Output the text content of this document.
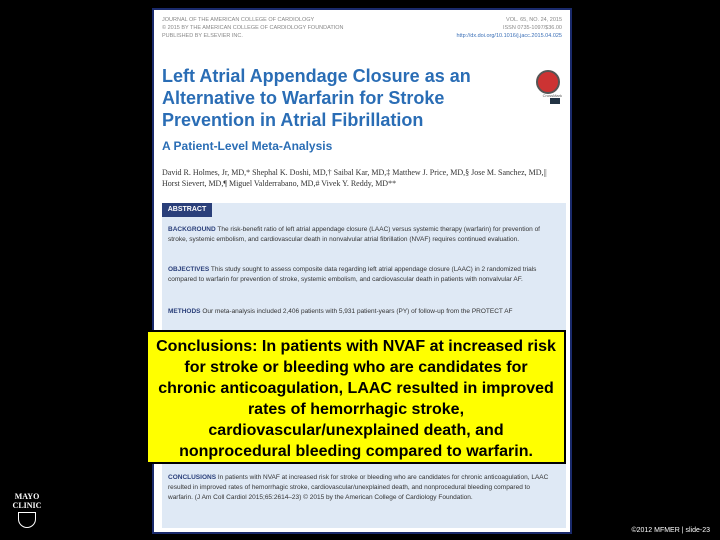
JOURNAL OF THE AMERICAN COLLEGE OF CARDIOLOGY
© 2015 BY THE AMERICAN COLLEGE OF CARDIOLOGY FOUNDATION
PUBLISHED BY ELSEVIER INC.
VOL. 65, NO. 24, 2015
ISSN 0735-1097/$36.00
http://dx.doi.org/10.1016/j.jacc.2015.04.025
Left Atrial Appendage Closure as an Alternative to Warfarin for Stroke Prevention in Atrial Fibrillation
CrossMark
A Patient-Level Meta-Analysis
David R. Holmes, Jr, MD,* Shephal K. Doshi, MD,† Saibal Kar, MD,‡ Matthew J. Price, MD,§ Jose M. Sanchez, MD,|| Horst Sievert, MD,¶ Miguel Valderrabano, MD,# Vivek Y. Reddy, MD**
ABSTRACT
BACKGROUND The risk-benefit ratio of left atrial appendage closure (LAAC) versus systemic therapy (warfarin) for prevention of stroke, systemic embolism, and cardiovascular death in nonvalvular atrial fibrillation (NVAF) requires continued evaluation.
OBJECTIVES This study sought to assess composite data regarding left atrial appendage closure (LAAC) in 2 randomized trials compared to warfarin for prevention of stroke, systemic embolism, and cardiovascular death in patients with nonvalvular AF.
METHODS Our meta-analysis included 2,406 patients with 5,931 patient-years (PY) of follow-up from the PROTECT AF
CONCLUSIONS In patients with NVAF at increased risk for stroke or bleeding who are candidates for chronic anticoagulation, LAAC resulted in improved rates of hemorrhagic stroke, cardiovascular/unexplained death, and nonprocedural bleeding compared to warfarin. (J Am Coll Cardiol 2015;65:2614–23) © 2015 by the American College of Cardiology Foundation.
Conclusions: In patients with NVAF at increased risk for stroke or bleeding who are candidates for chronic anticoagulation, LAAC resulted in improved rates of hemorrhagic stroke, cardiovascular/unexplained death, and nonprocedural bleeding compared to warfarin.
MAYO
CLINIC
©2012 MFMER | slide-23
